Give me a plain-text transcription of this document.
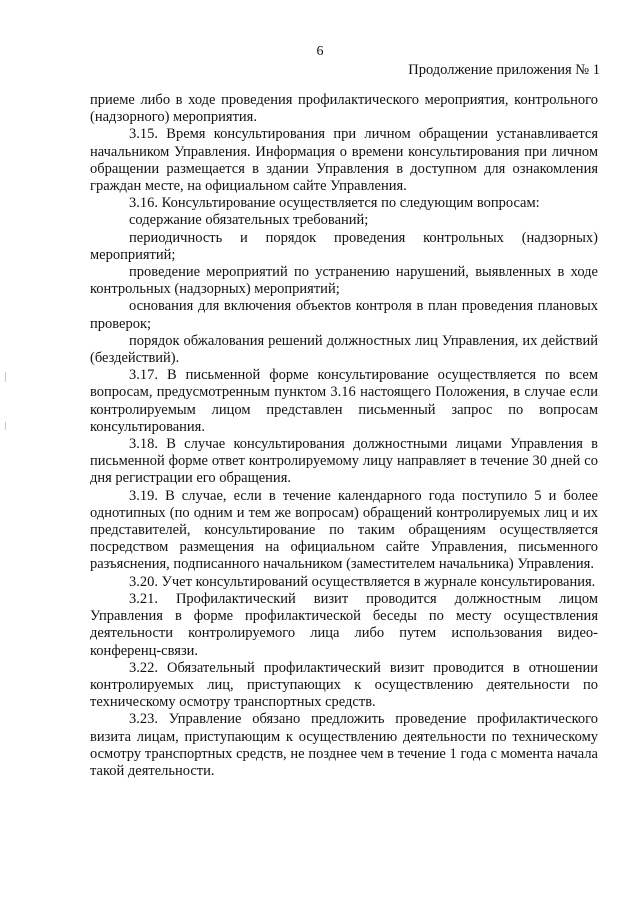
6
Продолжение приложения № 1

приеме либо в ходе проведения профилактического мероприятия, контрольного (надзорного) мероприятия.

3.15. Время консультирования при личном обращении устанавливается начальником Управления. Информация о времени консультирования при личном обращении размещается в здании Управления в доступном для ознакомления граждан месте, на официальном сайте Управления.

3.16. Консультирование осуществляется по следующим вопросам:

содержание обязательных требований;

периодичность и порядок проведения контрольных (надзорных) мероприятий;

проведение мероприятий по устранению нарушений, выявленных в ходе контрольных (надзорных) мероприятий;

основания для включения объектов контроля в план проведения плановых проверок;

порядок обжалования решений должностных лиц Управления, их действий (бездействий).

3.17. В письменной форме консультирование осуществляется по всем вопросам, предусмотренным пунктом 3.16 настоящего Положения, в случае если контролируемым лицом представлен письменный запрос по вопросам консультирования.

3.18. В случае консультирования должностными лицами Управления в письменной форме ответ контролируемому лицу направляет в течение 30 дней со дня регистрации его обращения.

3.19. В случае, если в течение календарного года поступило 5 и более однотипных (по одним и тем же вопросам) обращений контролируемых лиц и их представителей, консультирование по таким обращениям осуществляется посредством размещения на официальном сайте Управления, письменного разъяснения, подписанного начальником (заместителем начальника) Управления.

3.20. Учет консультирований осуществляется в журнале консультирования.

3.21. Профилактический визит проводится должностным лицом Управления в форме профилактической беседы по месту осуществления деятельности контролируемого лица либо путем использования видео-конференц-связи.

3.22. Обязательный профилактический визит проводится в отношении контролируемых лиц, приступающих к осуществлению деятельности по техническому осмотру транспортных средств.

3.23. Управление обязано предложить проведение профилактического визита лицам, приступающим к осуществлению деятельности по техническому осмотру транспортных средств, не позднее чем в течение 1 года с момента начала такой деятельности.
